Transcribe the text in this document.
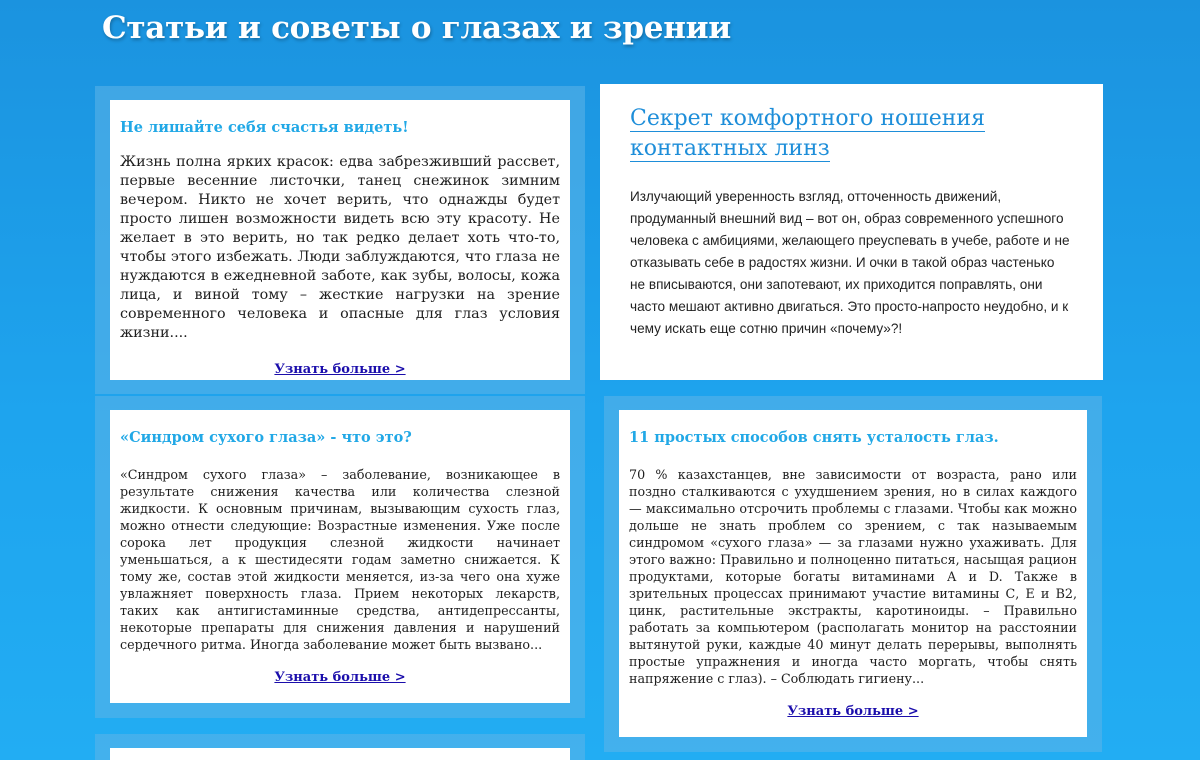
Статьи и советы о глазах и зрении
Не лишайте себя счастья видеть!

Жизнь полна ярких красок: едва забрезживший рассвет, первые весенние листочки, танец снежинок зимним вечером. Никто не хочет верить, что однажды будет просто лишен возможности видеть всю эту красоту. Не желает в это верить, но так редко делает хоть что-то, чтобы этого избежать. Люди заблуждаются, что глаза не нуждаются в ежедневной заботе, как зубы, волосы, кожа лица, и виной тому – жесткие нагрузки на зрение современного человека и опасные для глаз условия жизни....

Узнать больше >
Секрет комфортного ношения контактных линз

Излучающий уверенность взгляд, отточенность движений, продуманный внешний вид – вот он, образ современного успешного человека с амбициями, желающего преуспевать в учебе, работе и не отказывать себе в радостях жизни. И очки в такой образ частенько не вписываются, они запотевают, их приходится поправлять, они часто мешают активно двигаться. Это просто-напросто неудобно, и к чему искать еще сотню причин «почему»?!

«Синдром сухого глаза» - что это?

«Синдром сухого глаза» – заболевание, возникающее в результате снижения качества или количества слезной жидкости. К основным причинам, вызывающим сухость глаз, можно отнести следующие: Возрастные изменения. Уже после сорока лет продукция слезной жидкости начинает уменьшаться, а к шестидесяти годам заметно снижается. К тому же, состав этой жидкости меняется, из-за чего она хуже увлажняет поверхность глаза. Прием некоторых лекарств, таких как антигистаминные средства, антидепрессанты, некоторые препараты для снижения давления и нарушений сердечного ритма. Иногда заболевание может быть вызвано...

Узнать больше >
11 простых способов снять усталость глаз.

70 % казахстанцев, вне зависимости от возраста, рано или поздно сталкиваются с ухудшением зрения, но в силах каждого — максимально отсрочить проблемы с глазами. Чтобы как можно дольше не знать проблем со зрением, с так называемым синдромом «сухого глаза» — за глазами нужно ухаживать. Для этого важно: Правильно и полноценно питаться, насыщая рацион продуктами, которые богаты витаминами А и D. Также в зрительных процессах принимают участие витамины С, Е и В2, цинк, растительные экстракты, каротиноиды. – Правильно работать за компьютером (располагать монитор на расстоянии вытянутой руки, каждые 40 минут делать перерывы, выполнять простые упражнения и иногда часто моргать, чтобы снять напряжение с глаз). – Соблюдать гигиену...

Узнать больше >
